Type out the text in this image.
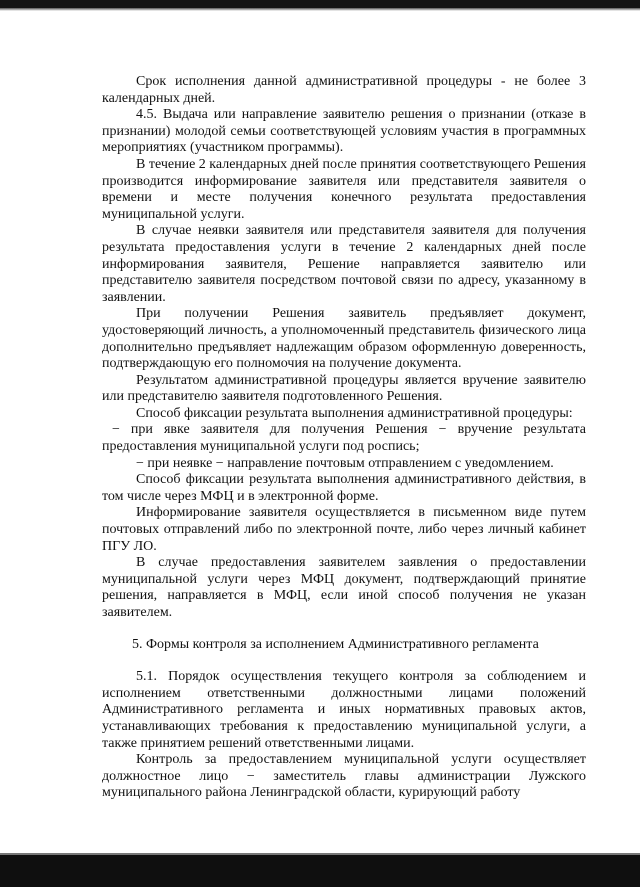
Срок исполнения данной административной процедуры - не более 3 календарных дней.

4.5. Выдача или направление заявителю решения о признании (отказе в признании) молодой семьи соответствующей условиям участия в программных мероприятиях (участником программы).

В течение 2 календарных дней после принятия соответствующего Решения производится информирование заявителя или представителя заявителя о времени и месте получения конечного результата предоставления муниципальной услуги.

В случае неявки заявителя или представителя заявителя для получения результата предоставления услуги в течение 2 календарных дней после информирования заявителя, Решение направляется заявителю или представителю заявителя посредством почтовой связи по адресу, указанному в заявлении.

При получении Решения заявитель предъявляет документ, удостоверяющий личность, а уполномоченный представитель физического лица дополнительно предъявляет надлежащим образом оформленную доверенность, подтверждающую его полномочия на получение документа.

Результатом административной процедуры является вручение заявителю или представителю заявителя подготовленного Решения.

Способ фиксации результата выполнения административной процедуры:

− при явке заявителя для получения Решения − вручение результата предоставления муниципальной услуги под роспись;

− при неявке − направление почтовым отправлением с уведомлением.

Способ фиксации результата выполнения административного действия, в том числе через МФЦ и в электронной форме.

Информирование заявителя осуществляется в письменном виде путем почтовых отправлений либо по электронной почте, либо через личный кабинет ПГУ ЛО.

В случае предоставления заявителем заявления о предоставлении муниципальной услуги через МФЦ документ, подтверждающий принятие решения, направляется в МФЦ, если иной способ получения не указан заявителем.

5. Формы контроля за исполнением Административного регламента

5.1. Порядок осуществления текущего контроля за соблюдением и исполнением ответственными должностными лицами положений Административного регламента и иных нормативных правовых актов, устанавливающих требования к предоставлению муниципальной услуги, а также принятием решений ответственными лицами.

Контроль за предоставлением муниципальной услуги осуществляет должностное лицо − заместитель главы администрации Лужского муниципального района Ленинградской области, курирующий работу
